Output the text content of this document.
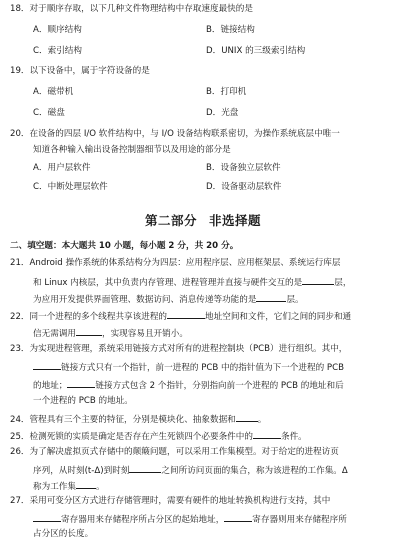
18．对于顺序存取，以下几种文件物理结构中存取速度最快的是
A．顺序结构	B．链接结构
C．索引结构	D．UNIX 的三级索引结构
19．以下设备中，属于字符设备的是
A．磁带机	B．打印机
C．磁盘	D．光盘
20．在设备的四层 I/O 软件结构中，与 I/O 设备结构联系密切，为操作系统底层中唯一
知道各种输入输出设备控制器细节以及用途的部分是
A．用户层软件	B．设备独立层软件
C．中断处理层软件	D．设备驱动层软件
第二部分 非选择题
二、填空题：本大题共 10 小题，每小题 2 分，共 20 分。
21．Android 操作系统的体系结构分为四层：应用程序层、应用框架层、系统运行库层
和 Linux 内核层，其中负责内存管理、进程管理并直接与硬件交互的是	层，
为应用开发提供界面管理、数据访问、消息传递等功能的是	层。
22．同一个进程的多个线程共享该进程的	地址空间和文件，它们之间的同步和通
信无需调用	，实现容易且开销小。
23．为实现进程管理，系统采用链接方式对所有的进程控制块（PCB）进行组织。其中，
链接方式只有一个指针，前一进程的 PCB 中的指针值为下一个进程的 PCB
的地址；	链接方式包含 2 个指针，分别指向前一个进程的 PCB 的地址和后
一个进程的 PCB 的地址。
24．管程具有三个主要的特征，分别是模块化、抽象数据和	。
25．检测死锁的实质是确定是否存在产生死锁四个必要条件中的	条件。
26．为了解决虚拟页式存储中的颠簸问题，可以采用工作集模型。对于给定的进程访页
序列，从时刻(t-Δ)到时刻	之间所访问页面的集合，称为该进程的工作集。Δ
称为工作集 。
27．采用可变分区方式进行存储管理时，需要有硬件的地址转换机构进行支持，其中
寄存器用来存储程序所占分区的起始地址，	寄存器则用来存储程序所
占分区的长度。
